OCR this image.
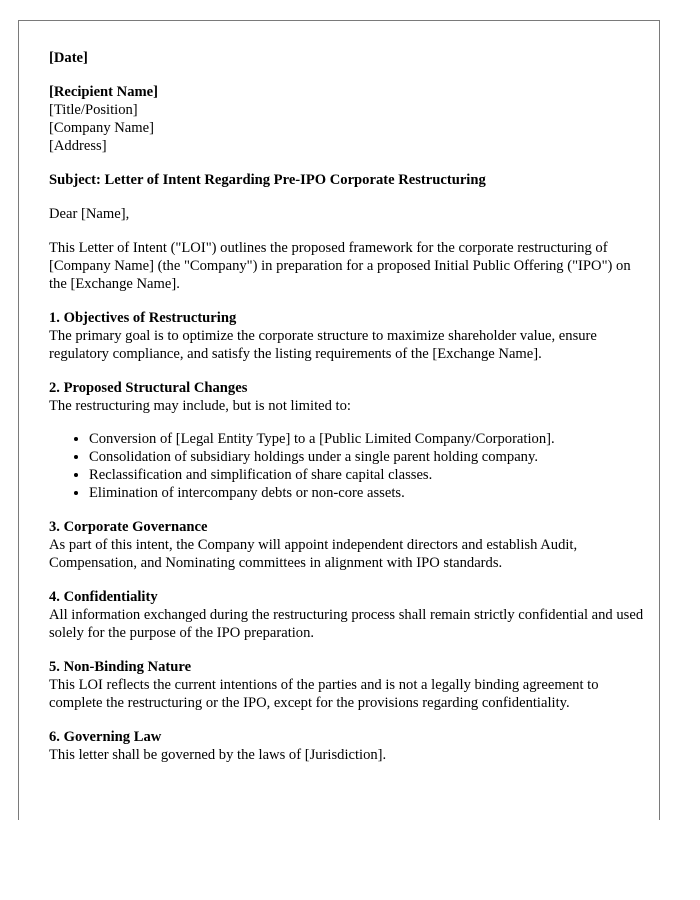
[Date]

[Recipient Name]

[Title/Position]

[Company Name]

[Address]

Subject: Letter of Intent Regarding Pre-IPO Corporate Restructuring

Dear [Name],

This Letter of Intent ("LOI") outlines the proposed framework for the corporate restructuring of [Company Name] (the "Company") in preparation for a proposed Initial Public Offering ("IPO") on the [Exchange Name].

1. Objectives of Restructuring

The primary goal is to optimize the corporate structure to maximize shareholder value, ensure regulatory compliance, and satisfy the listing requirements of the [Exchange Name].

2. Proposed Structural Changes

The restructuring may include, but is not limited to:

• Conversion of [Legal Entity Type] to a [Public Limited Company/Corporation].
• Consolidation of subsidiary holdings under a single parent holding company.
• Reclassification and simplification of share capital classes.
• Elimination of intercompany debts or non-core assets.

3. Corporate Governance

As part of this intent, the Company will appoint independent directors and establish Audit, Compensation, and Nominating committees in alignment with IPO standards.

4. Confidentiality

All information exchanged during the restructuring process shall remain strictly confidential and used solely for the purpose of the IPO preparation.

5. Non-Binding Nature

This LOI reflects the current intentions of the parties and is not a legally binding agreement to complete the restructuring or the IPO, except for the provisions regarding confidentiality.

6. Governing Law

This letter shall be governed by the laws of [Jurisdiction].
